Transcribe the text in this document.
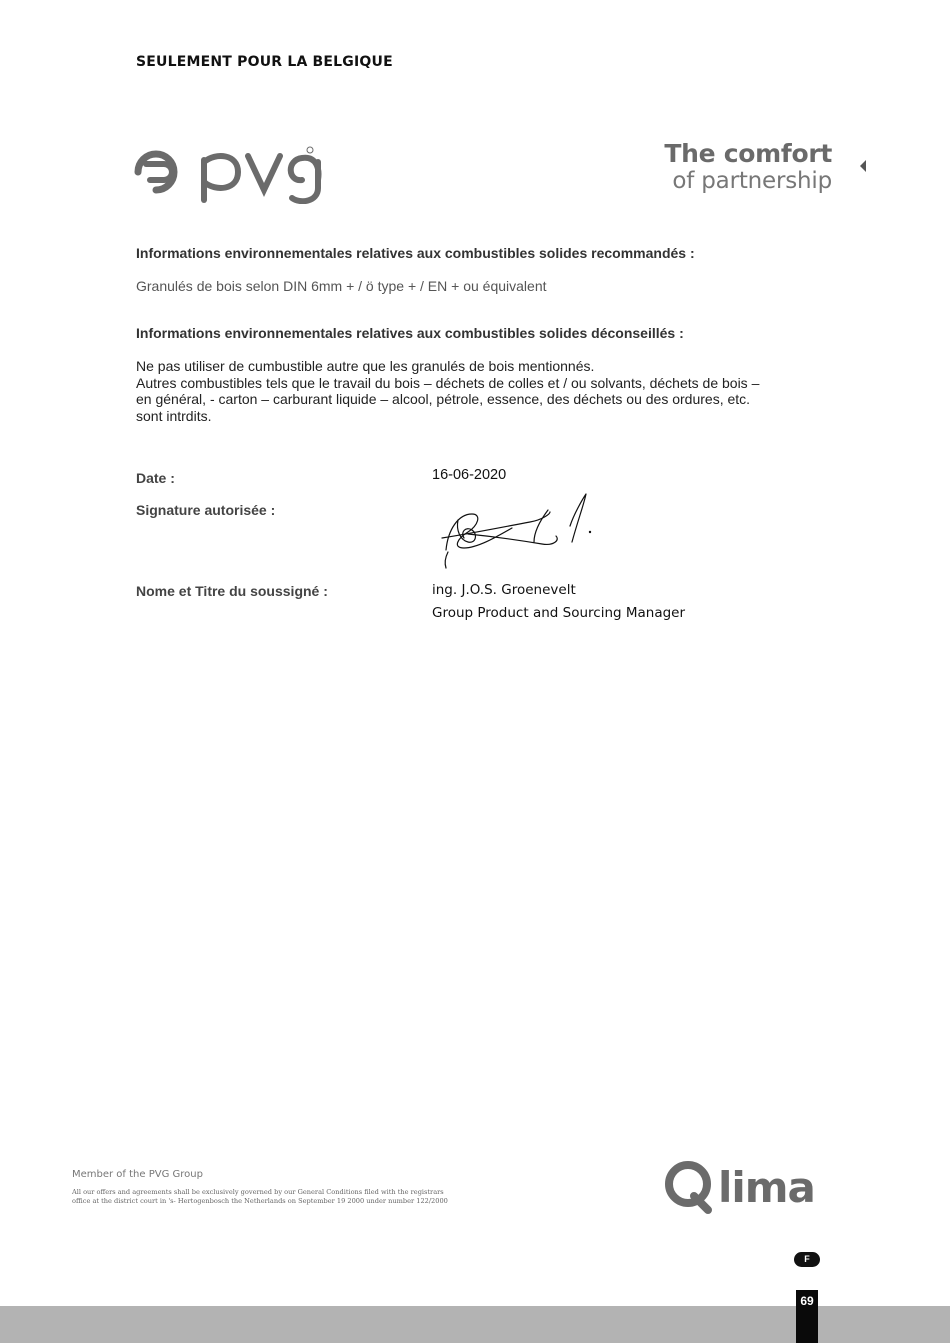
SEULEMENT POUR LA BELGIQUE
The comfort
of partnership
Informations environnementales relatives aux combustibles solides recommandés :
Granulés de bois selon DIN 6mm + / ö type + / EN + ou équivalent
Informations environnementales relatives aux combustibles solides déconseillés :
Ne pas utiliser de cumbustible autre que les granulés de bois mentionnés.
Autres combustibles tels que le travail du bois – déchets de colles et / ou solvants, déchets de bois –
en général, - carton – carburant liquide – alcool, pétrole, essence, des déchets ou des ordures, etc.
sont intrdits.
Date :	16-06-2020
Signature autorisée :
Nome et Titre du soussigné :	ing. J.O.S. Groenevelt
Group Product and Sourcing Manager
Member of the PVG Group
All our offers and agreements shall be exclusively governed by our General Conditions filed with the registrars
office at the district court in 's- Hertogenbosch the Netherlands on September 19 2000 under number 122/2000	lima
F
69
